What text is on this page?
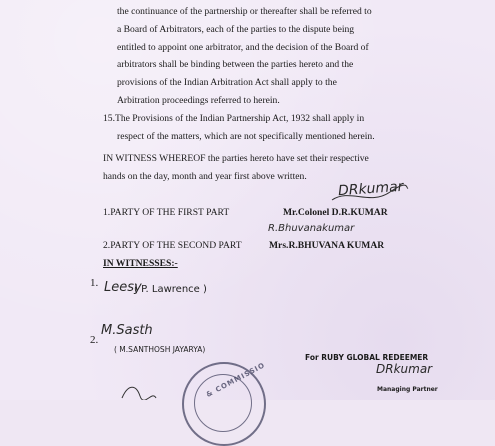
the continuance of the partnership or thereafter shall be referred to
a Board of Arbitrators, each of the parties to the dispute being
entitled to appoint one arbitrator, and the decision of the Board of
arbitrators shall be binding between the parties hereto and the
provisions of the Indian Arbitration Act shall apply to the
Arbitration proceedings referred to herein.
15.The Provisions of the Indian Partnership Act, 1932 shall apply in
respect of the matters, which are not specifically mentioned herein.
IN WITNESS WHEREOF the parties hereto have set their respective
hands on the day, month and year first above written.
DRkumar
1.PARTY OF THE FIRST PART	Mr.Colonel D.R.KUMAR
R.Bhuvanakumar
2.PARTY OF THE SECOND PART	Mrs.R.BHUVANA KUMAR
IN WITNESSES:-
1. Leesy
( P. Lawrence )
2.
M.Sasth
( M.SANTHOSH JAYARYA)
& COMMISSIO
For RUBY GLOBAL REDEEMER
DRkumar
Managing Partner
